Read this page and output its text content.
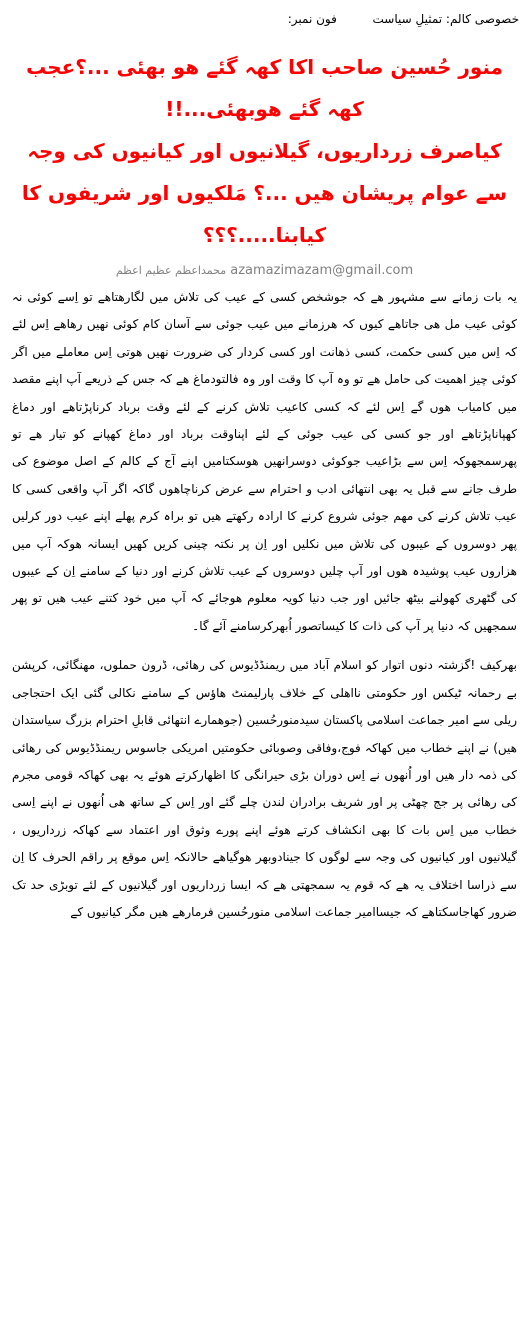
خصوصی کالم: تمثیلِ سیاست  فون نمبر:

منور حُسین صاحب اکا کھہ گئے ھو بھئی ...؟عجب کھہ گئے ھوبھئی...!!

کیاصرف زرداریوں، گیلانیوں اور کیانیوں کی وجہ سے عوام پریشان ھیں ...؟ مَلکیوں اور شریفوں کا کیابنا.....؟؟؟

محمداعظم عظیم اعظم azamazimazam@gmail.com

یہ بات زمانے سے مشہور ھے کہ جوشخص کسی کے عیب کی تلاش میں لگارھتاھے تو اِسے کوئی نہ کوئی عیب مل ھی جاتاھے کیوں کہ ھرزمانے میں عیب جوئی سے آسان کام کوئی نھیں رھاھے اِس لئے کہ اِس میں کسی حکمت، کسی ذھانت اور کسی کردار کی ضرورت نھیں ھوتی اِس معاملے میں اگر کوئی چیز اھمیت کی حامل ھے تو وہ آپ کا وقت اور وہ فالتودماغ ھے کہ جس کے ذریعے آپ اپنے مقصد میں کامیاب ھوں گے اِس لئے کہ کسی کاعیب تلاش کرنے کے لئے وقت برباد کرناپڑتاھے اور دماغ کھپاناپڑتاھے اور جو کسی کی عیب جوئی کے لئے اپناوقت برباد اور دماغ کھپانے کو تیار ھے تو پھرسمجھوکہ اِس سے بڑاعیب جوکوئی دوسرانھیں ھوسکتامیں اپنے آج کے کالم کے اصل موضوع کی طرف جانے سے قبل یہ بھی انتھائی ادب و احترام سے عرض کرناچاھوں گاکہ اگر آپ واقعی کسی کا عیب تلاش کرنے کی مھم جوئی شروع کرنے کا ارادہ رکھتے ھیں تو براہ کرم پھلے اپنے عیب دور کرلیں پھر دوسروں کے عیبوں کی تلاش میں نکلیں اور اِن پر نکتہ چینی کریں کھیں ایسانہ ھوکہ آپ میں ھزاروں عیب پوشیدہ ھوں اور آپ چلیں دوسروں کے عیب تلاش کرنے اور دنیا کے سامنے اِن کے عیبوں کی گٹھری کھولنے بیٹھ جائیں اور جب دنیا کویہ معلوم ھوجائے کہ آپ میں خود کتنے عیب ھیں تو پھر سمجھیں کہ دنیا پر آپ کی ذات کا کیساتصور اُبھرکرسامنے آئے گا۔

بھرکیف !گزشتہ دنوں اتوار کو اسلام آباد میں ریمنڈڈیوس کی رھائی، ڈرون حملوں، مھنگائی، کرپشن بے رحمانہ ٹیکس اور حکومتی نااھلی کے خلاف پارلیمنٹ ھاؤس کے سامنے نکالی گئی ایک احتجاجی ریلی سے امیر جماعت اسلامی پاکستان سیدمنورحُسین (جوھمارے انتھائی قابلِ احترام بزرگ سیاستدان ھیں) نے اپنے خطاب میں کھاکہ فوج،وفاقی وصوبائی حکومتیں امریکی جاسوس ریمنڈڈیوس کی رھائی کی ذمہ دار ھیں اور اُنھوں نے اِس دوران بڑی حیرانگی کا اظھارکرتے ھوئے یہ بھی کھاکہ قومی مجرم کی رھائی پر جج چھٹی پر اور شریف برادران لندن چلے گئے اور اِس کے ساتھ ھی اُنھوں نے اپنے اِسی خطاب میں اِس بات کا بھی انکشاف کرتے ھوئے اپنے پورے وثوق اور اعتماد سے کھاکہ زرداریوں ، گیلانیوں اور کیانیوں کی وجہ سے لوگوں کا جینادوبھر ھوگیاھے حالانکہ اِس موقع پر راقم الحرف کا اِن سے ذراسا اختلاف یہ ھے کہ قوم یہ سمجھتی ھے کہ ایسا زرداریوں اور گیلانیوں کے لئے توبڑی حد تک ضرور کھاجاسکتاھے کہ جیساامیر جماعت اسلامی منورحُسین فرمارھے ھیں مگر کیانیوں کے
